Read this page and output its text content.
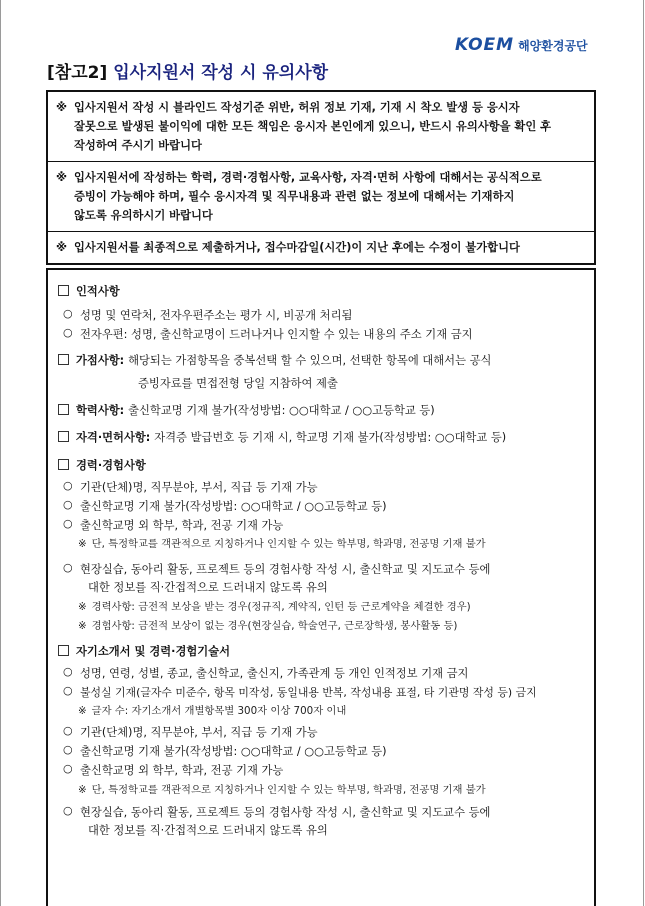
KOEM 해양환경공단
[참고2] 입사지원서 작성 시 유의사항
※ 입사지원서 작성 시 블라인드 작성기준 위반, 허위 정보 기재, 기재 시 착오 발생 등 응시자
잘못으로 발생된 불이익에 대한 모든 책임은 응시자 본인에게 있으니, 반드시 유의사항을 확인 후
작성하여 주시기 바랍니다
※ 입사지원서에 작성하는 학력, 경력·경험사항, 교육사항, 자격·면허 사항에 대해서는 공식적으로
증빙이 가능해야 하며, 필수 응시자격 및 직무내용과 관련 없는 정보에 대해서는 기재하지
않도록 유의하시기 바랍니다
※ 입사지원서를 최종적으로 제출하거나, 접수마감일(시간)이 지난 후에는 수정이 불가합니다
인적사항
○ 성명 및 연락처, 전자우편주소는 평가 시, 비공개 처리됨
○ 전자우편: 성명, 출신학교명이 드러나거나 인지할 수 있는 내용의 주소 기재 금지
가점사항: 해당되는 가점항목을 중복선택 할 수 있으며, 선택한 항목에 대해서는 공식
증빙자료를 면접전형 당일 지참하여 제출
학력사항: 출신학교명 기재 불가(작성방법: ○○대학교 / ○○고등학교 등)
자격·면허사항: 자격증 발급번호 등 기재 시, 학교명 기재 불가(작성방법: ○○대학교 등)
경력·경험사항
○ 기관(단체)명, 직무분야, 부서, 직급 등 기재 가능
○ 출신학교명 기재 불가(작성방법: ○○대학교 / ○○고등학교 등)
○ 출신학교명 외 학부, 학과, 전공 기재 가능
※ 단, 특정학교를 객관적으로 지칭하거나 인지할 수 있는 학부명, 학과명, 전공명 기재 불가
○ 현장실습, 동아리 활동, 프로젝트 등의 경험사항 작성 시, 출신학교 및 지도교수 등에
대한 정보를 직·간접적으로 드러내지 않도록 유의
※ 경력사항: 금전적 보상을 받는 경우(정규직, 계약직, 인턴 등 근로계약을 체결한 경우)
※ 경험사항: 금전적 보상이 없는 경우(현장실습, 학술연구, 근로장학생, 봉사활동 등)
자기소개서 및 경력·경험기술서
○ 성명, 연령, 성별, 종교, 출신학교, 출신지, 가족관계 등 개인 인적정보 기재 금지
○ 불성실 기재(글자수 미준수, 항목 미작성, 동일내용 반복, 작성내용 표절, 타 기관명 작성 등) 금지
※ 글자 수: 자기소개서 개별항목별 300자 이상 700자 이내
○ 기관(단체)명, 직무분야, 부서, 직급 등 기재 가능
○ 출신학교명 기재 불가(작성방법: ○○대학교 / ○○고등학교 등)
○ 출신학교명 외 학부, 학과, 전공 기재 가능
※ 단, 특정학교를 객관적으로 지칭하거나 인지할 수 있는 학부명, 학과명, 전공명 기재 불가
○ 현장실습, 동아리 활동, 프로젝트 등의 경험사항 작성 시, 출신학교 및 지도교수 등에
대한 정보를 직·간접적으로 드러내지 않도록 유의
